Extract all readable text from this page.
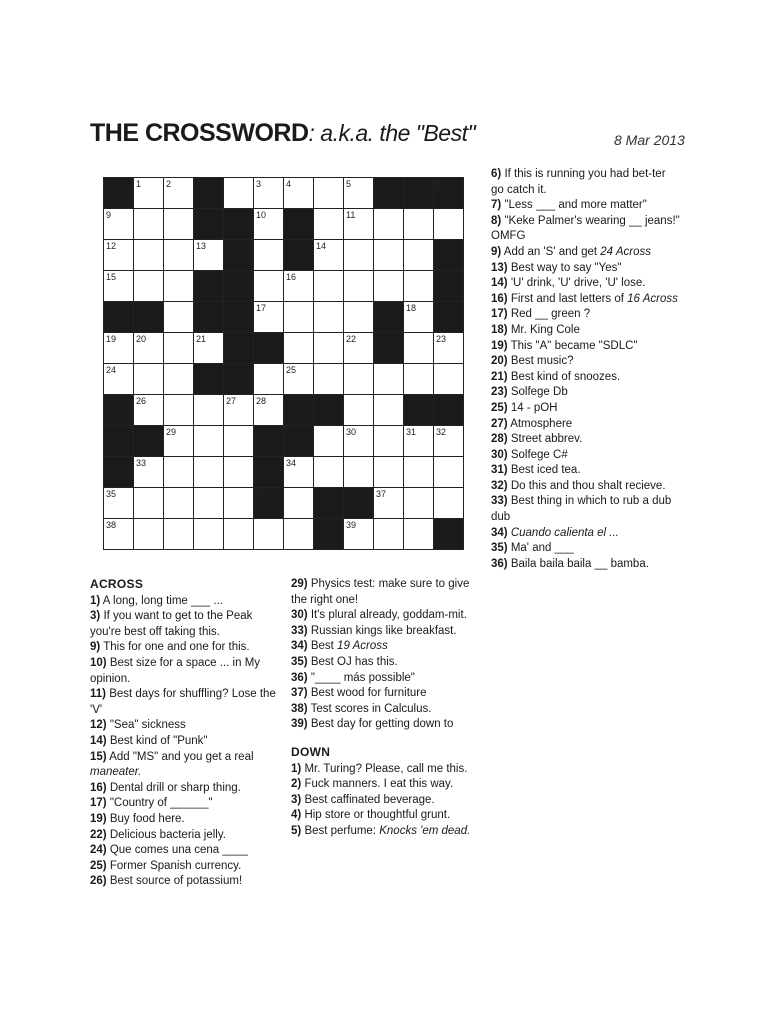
THE CROSSWORD: a.k.a. the "Best"	8 Mar 2013
1	2	3	4	5	6	7	8
9	10	11
12	13	14
15	16
17	18
19 20	21	22	23
24	25
26	27 28
29	30	31 32
33	34
35	36	37
38	39
ACROSS
1) A long, long time ___ ...
3) If you want to get to the Peak you're best off taking this.
9) This for one and one for this.
10) Best size for a space ... in My opinion.
11) Best days for shuffling? Lose the 'V'
12) "Sea" sickness
14) Best kind of "Punk"
15) Add "MS" and you get a real maneater.
16) Dental drill or sharp thing.
17) "Country of ______"
19) Buy food here.
22) Delicious bacteria jelly.
24) Que comes una cena ____
25) Former Spanish currency.
26) Best source of potassium!
29) Physics test: make sure to give the right one!
30) It's plural already, goddam-mit.
33) Russian kings like breakfast.
34) Best 19 Across
35) Best OJ has this.
36) "____ más possible"
37) Best wood for furniture
38) Test scores in Calculus.
39) Best day for getting down to
DOWN
1) Mr. Turing? Please, call me this.
2) Fuck manners. I eat this way.
3) Best caffinated beverage.
4) Hip store or thoughtful grunt.
5) Best perfume: Knocks 'em dead.
6) If this is running you had bet-ter go catch it.
7) "Less ___ and more matter"
8) "Keke Palmer's wearing __ jeans!" OMFG
9) Add an 'S' and get 24 Across
13) Best way to say "Yes"
14) 'U' drink, 'U' drive, 'U' lose.
16) First and last letters of 16 Across
17) Red __ green ?
18) Mr. King Cole
19) This "A" became "SDLC"
20) Best music?
21) Best kind of snoozes.
23) Solfege Db
25) 14 - pOH
27) Atmosphere
28) Street abbrev.
30) Solfege C#
31) Best iced tea.
32) Do this and thou shalt recieve.
33) Best thing in which to rub a dub dub
34) Cuando calienta el ...
35) Ma' and ___
36) Baila baila baila __ bamba.
